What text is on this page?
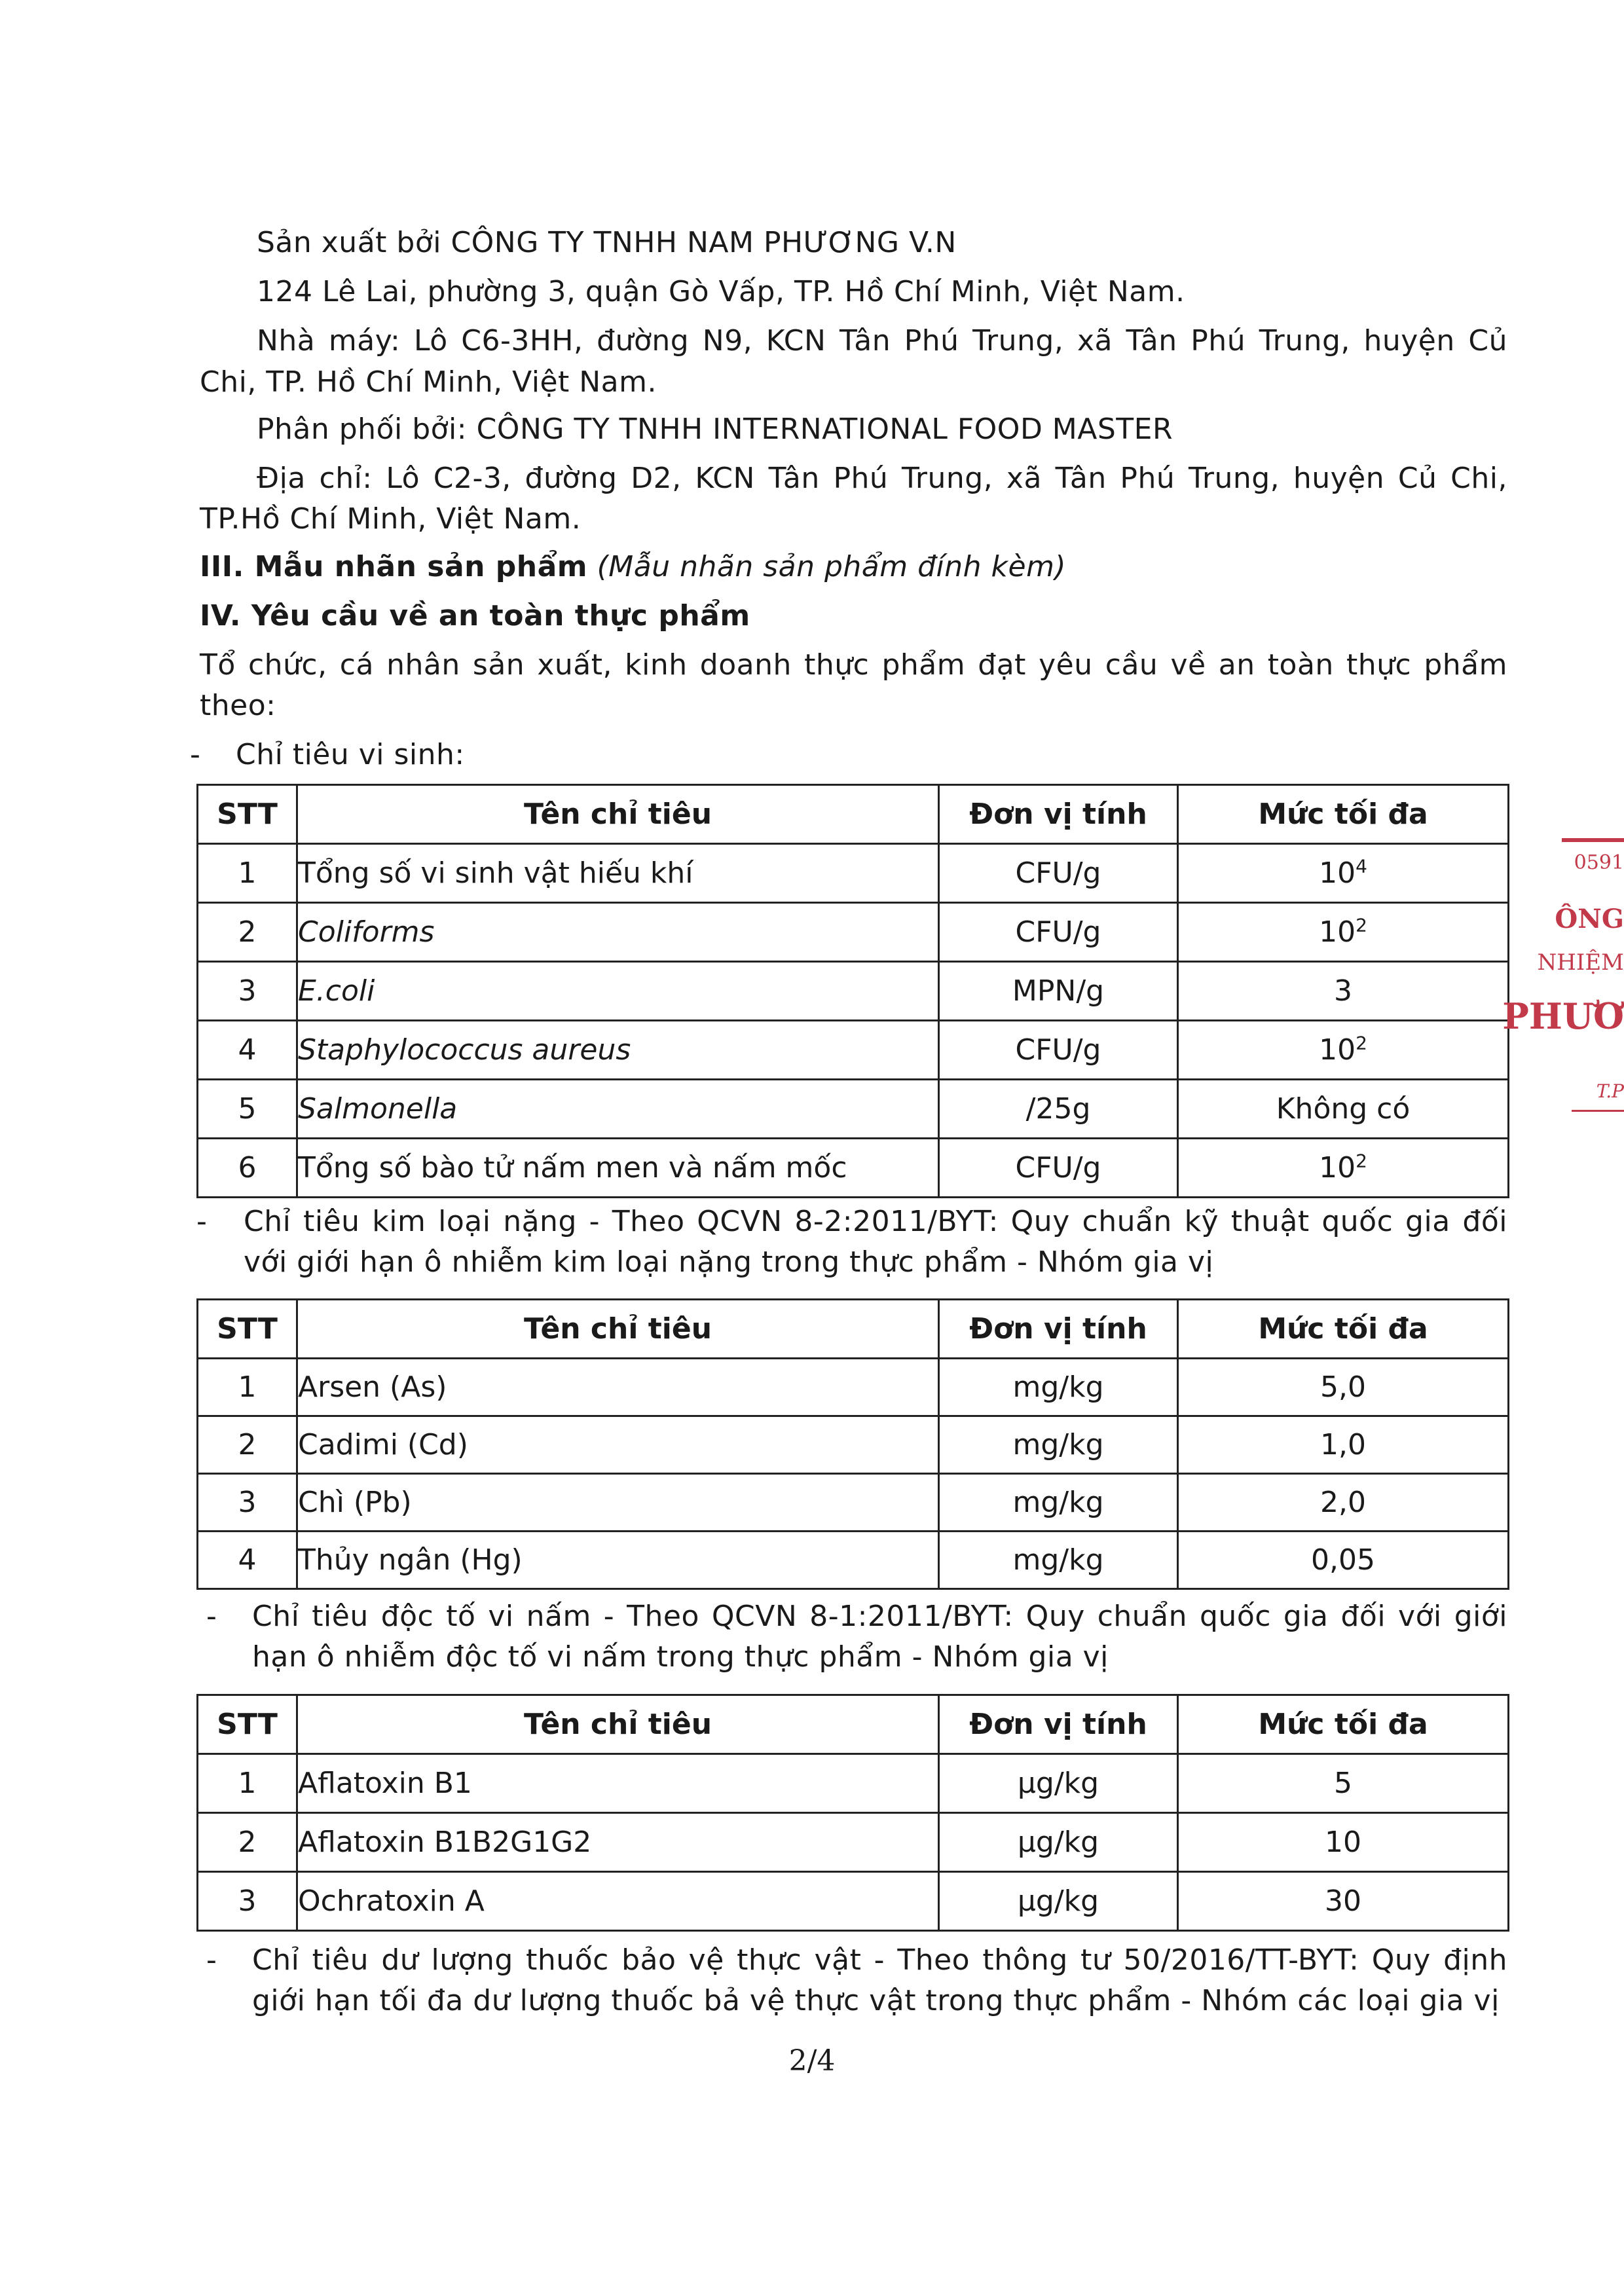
Sản xuất bởi CÔNG TY TNHH NAM PHƯƠNG V.N
124 Lê Lai, phường 3, quận Gò Vấp, TP. Hồ Chí Minh, Việt Nam.
Nhà máy: Lô C6-3HH, đường N9, KCN Tân Phú Trung, xã Tân Phú Trung, huyện Củ
Chi, TP. Hồ Chí Minh, Việt Nam.
Phân phối bởi: CÔNG TY TNHH INTERNATIONAL FOOD MASTER
Địa chỉ: Lô C2-3, đường D2, KCN Tân Phú Trung, xã Tân Phú Trung, huyện Củ Chi,
TP.Hồ Chí Minh, Việt Nam.
III. Mẫu nhãn sản phẩm (Mẫu nhãn sản phẩm đính kèm)
IV. Yêu cầu về an toàn thực phẩm
Tổ chức, cá nhân sản xuất, kinh doanh thực phẩm đạt yêu cầu về an toàn thực phẩm
theo:
- Chỉ tiêu vi sinh:
STT	Tên chỉ tiêu	Đơn vị tính	Mức tối đa
1	Tổng số vi sinh vật hiếu khí	CFU/g	$10^4$
2	Coliforms	CFU/g	$10^2$
3	E.coli	MPN/g	3
4	Staphylococcus aureus	CFU/g	$10^2$
5	Salmonella	/25g	Không có
6	Tổng số bào tử nấm men và nấm mốc	CFU/g	$10^2$
- Chỉ tiêu kim loại nặng - Theo QCVN 8-2:2011/BYT: Quy chuẩn kỹ thuật quốc gia đối
với giới hạn ô nhiễm kim loại nặng trong thực phẩm - Nhóm gia vị
STT	Tên chỉ tiêu	Đơn vị tính	Mức tối đa
1	Arsen (As)	mg/kg	5,0
2	Cadimi (Cd)	mg/kg	1,0
3	Chì (Pb)	mg/kg	2,0
4	Thủy ngân (Hg)	mg/kg	0,05
- Chỉ tiêu độc tố vi nấm - Theo QCVN 8-1:2011/BYT: Quy chuẩn quốc gia đối với giới
hạn ô nhiễm độc tố vi nấm trong thực phẩm - Nhóm gia vị
STT	Tên chỉ tiêu	Đơn vị tính	Mức tối đa
1	Aflatoxin B1	µg/kg	5
2	Aflatoxin B1B2G1G2	µg/kg	10
3	Ochratoxin A	µg/kg	30
- Chỉ tiêu dư lượng thuốc bảo vệ thực vật - Theo thông tư 50/2016/TT-BYT: Quy định
giới hạn tối đa dư lượng thuốc bả vệ thực vật trong thực phẩm - Nhóm các loại gia vị
2/4
0591
ÔNG
NHIỆM
PHƯƠ
T.P
